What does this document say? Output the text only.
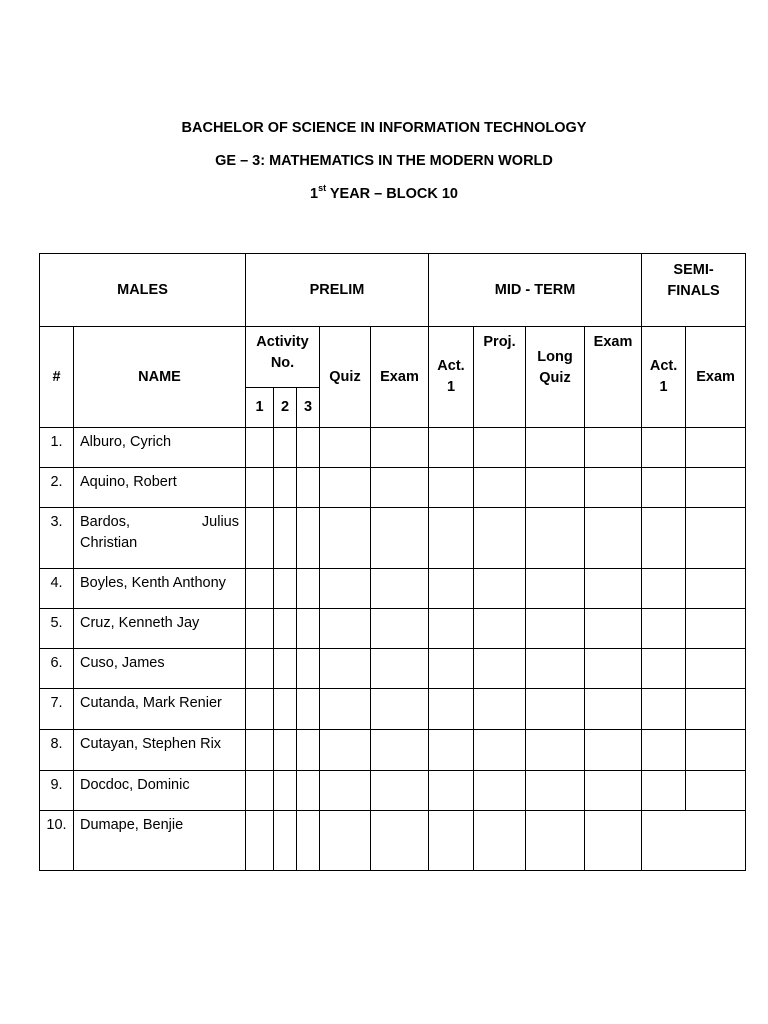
BACHELOR OF SCIENCE IN INFORMATION TECHNOLOGY
GE – 3: MATHEMATICS IN THE MODERN WORLD
1st YEAR – BLOCK 10
MALES		PRELIM					MID - TERM				SEMI-FINALS	
#	NAME	Activity No.			Quiz	Exam	Act. 1	Proj.	Long Quiz	Exam	Act. 1	Exam
		1	2	3								
1.	Alburo, Cyrich											
2.	Aquino, Robert											
3.	Bardos, Julius
Christian											

4.	Boyles, Kenth Anthony											
5.	Cruz, Kenneth Jay											
6.	Cuso, James											
7.	Cutanda, Mark Renier											
8.	Cutayan, Stephen Rix											
9.	Docdoc, Dominic											
10.	Dumape, Benjie											
